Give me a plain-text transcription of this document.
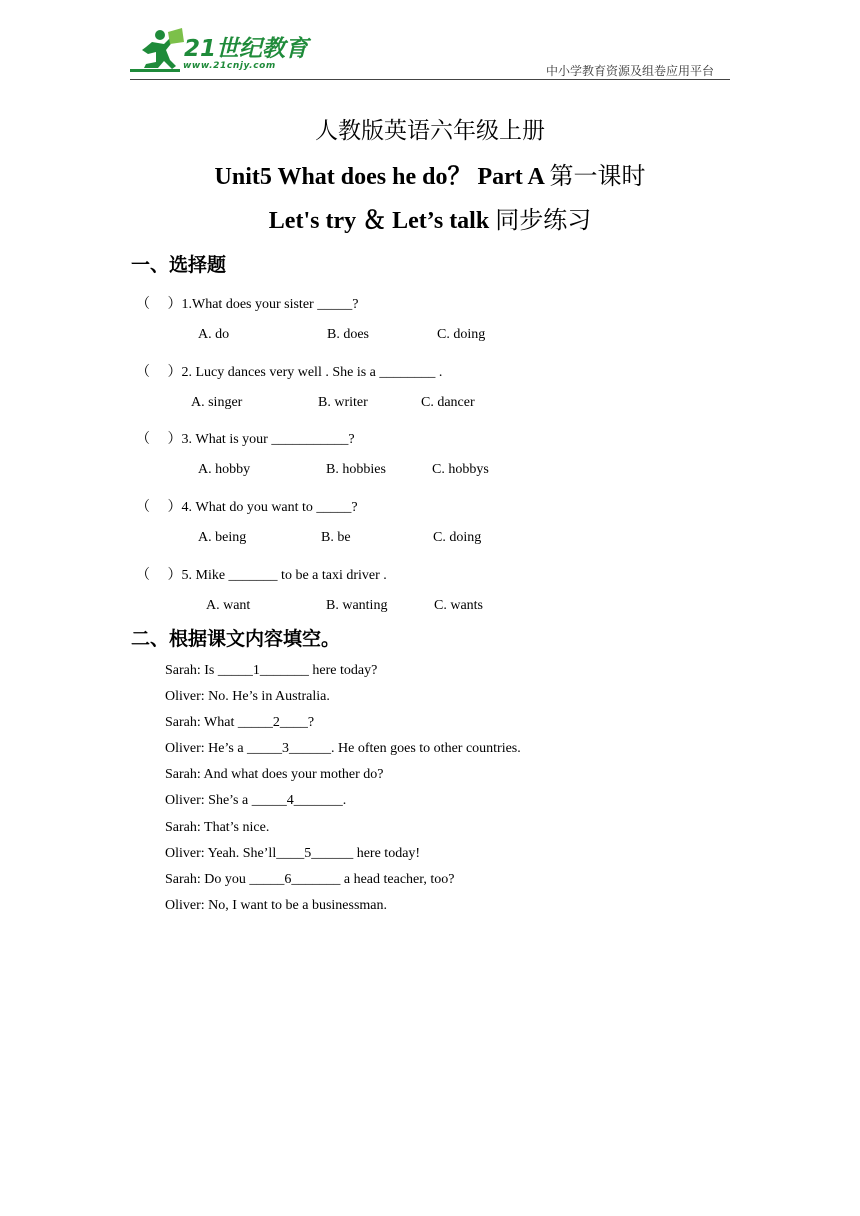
21世纪教育
www.21cnjy.com	中小学教育资源及组卷应用平台
人教版英语六年级上册
Unit5 What does he do？ Part A 第一课时
Let's try ＆ Let’s talk 同步练习
一、选择题
（　 ）1.What does your sister _____?
A. do	B. does	C. doing
（　 ）2. Lucy dances very well . She is a ________ .
A. singer	B. writer	C. dancer
（　 ）3. What is your ___________?
A. hobby	B. hobbies	C. hobbys
（　 ）4. What do you want to _____?
A. being	B. be	C. doing
（　 ）5. Mike _______ to be a taxi driver .
A. want	B. wanting	C. wants
二、根据课文内容填空。
Sarah: Is _____1_______ here today?
Oliver: No. He’s in Australia.
Sarah: What _____2____?
Oliver: He’s a _____3______. He often goes to other countries.
Sarah: And what does your mother do?
Oliver: She’s a _____4_______.
Sarah: That’s nice.
Oliver: Yeah. She’ll____5______ here today!
Sarah: Do you _____6_______ a head teacher, too?
Oliver: No, I want to be a businessman.
